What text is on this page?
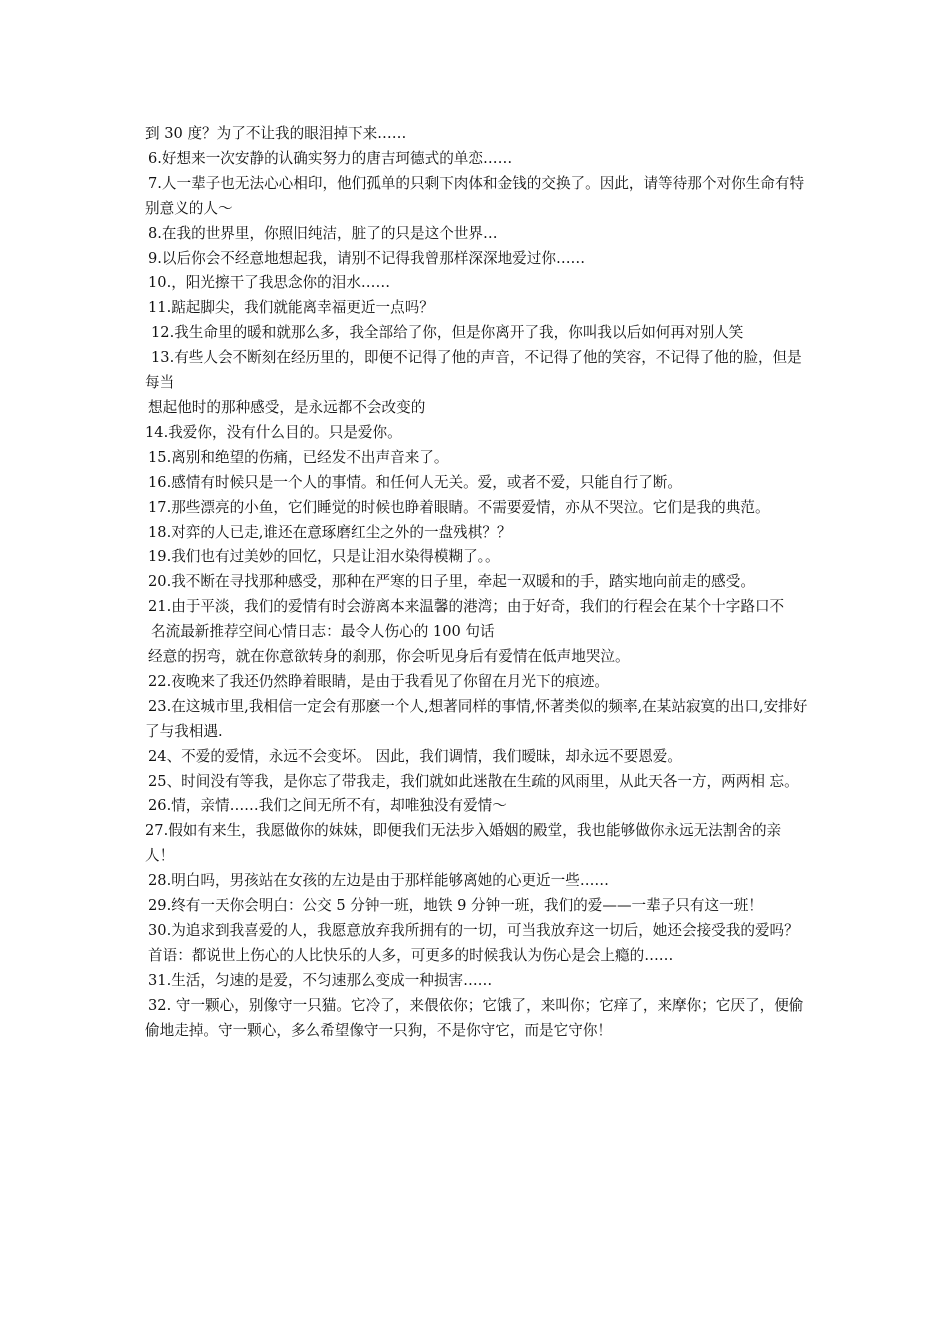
到 30 度？为了不让我的眼泪掉下来……

6.好想来一次安静的认确实努力的唐吉珂德式的单恋……

7.人一辈子也无法心心相印，他们孤单的只剩下肉体和金钱的交换了。因此，请等待那个对你生命有特别意义的人～

8.在我的世界里，你照旧纯洁，脏了的只是这个世界…

9.以后你会不经意地想起我，请别不记得我曾那样深深地爱过你……

10.，阳光擦干了我思念你的泪水……

11.踮起脚尖，我们就能离幸福更近一点吗？

12.我生命里的暖和就那么多，我全部给了你，但是你离开了我，你叫我以后如何再对别人笑

13.有些人会不断刻在经历里的，即便不记得了他的声音，不记得了他的笑容，不记得了他的脸，但是每当

想起他时的那种感受，是永远都不会改变的

14.我爱你，没有什么目的。只是爱你。

15.离别和绝望的伤痛，已经发不出声音来了。

16.感情有时候只是一个人的事情。和任何人无关。爱，或者不爱，只能自行了断。

17.那些漂亮的小鱼，它们睡觉的时候也睁着眼睛。不需要爱情，亦从不哭泣。它们是我的典范。

18.对弈的人已走,谁还在意琢磨红尘之外的一盘残棋？？

19.我们也有过美妙的回忆，只是让泪水染得模糊了。。

20.我不断在寻找那种感受，那种在严寒的日子里，牵起一双暖和的手，踏实地向前走的感受。

21.由于平淡，我们的爱情有时会游离本来温馨的港湾；由于好奇，我们的行程会在某个十字路口不

名流最新推荐空间心情日志：最令人伤心的 100 句话

经意的拐弯，就在你意欲转身的刹那，你会听见身后有爱情在低声地哭泣。

22.夜晚来了我还仍然睁着眼睛，是由于我看见了你留在月光下的痕迹。

23.在这城市里,我相信一定会有那麽一个人,想著同样的事情,怀著类似的频率,在某站寂寞的出口,安排好了与我相遇.

24、不爱的爱情，永远不会变坏。 因此，我们调情，我们暧昧，却永远不要恩爱。

25、时间没有等我，是你忘了带我走，我们就如此迷散在生疏的风雨里，从此天各一方，两两相 忘。

26.情，亲情……我们之间无所不有，却唯独没有爱情～

27.假如有来生，我愿做你的妹妹，即便我们无法步入婚姻的殿堂，我也能够做你永远无法割舍的亲人！

28.明白吗，男孩站在女孩的左边是由于那样能够离她的心更近一些……

29.终有一天你会明白：公交 5 分钟一班，地铁 9 分钟一班，我们的爱——一辈子只有这一班！

30.为追求到我喜爱的人，我愿意放弃我所拥有的一切，可当我放弃这一切后，她还会接受我的爱吗？

首语：都说世上伤心的人比快乐的人多，可更多的时候我认为伤心是会上瘾的……

31.生活，匀速的是爱，不匀速那么变成一种损害……

32. 守一颗心，别像守一只猫。它冷了，来偎依你；它饿了，来叫你；它痒了，来摩你；它厌了，便偷偷地走掉。守一颗心，多么希望像守一只狗，不是你守它，而是它守你！
